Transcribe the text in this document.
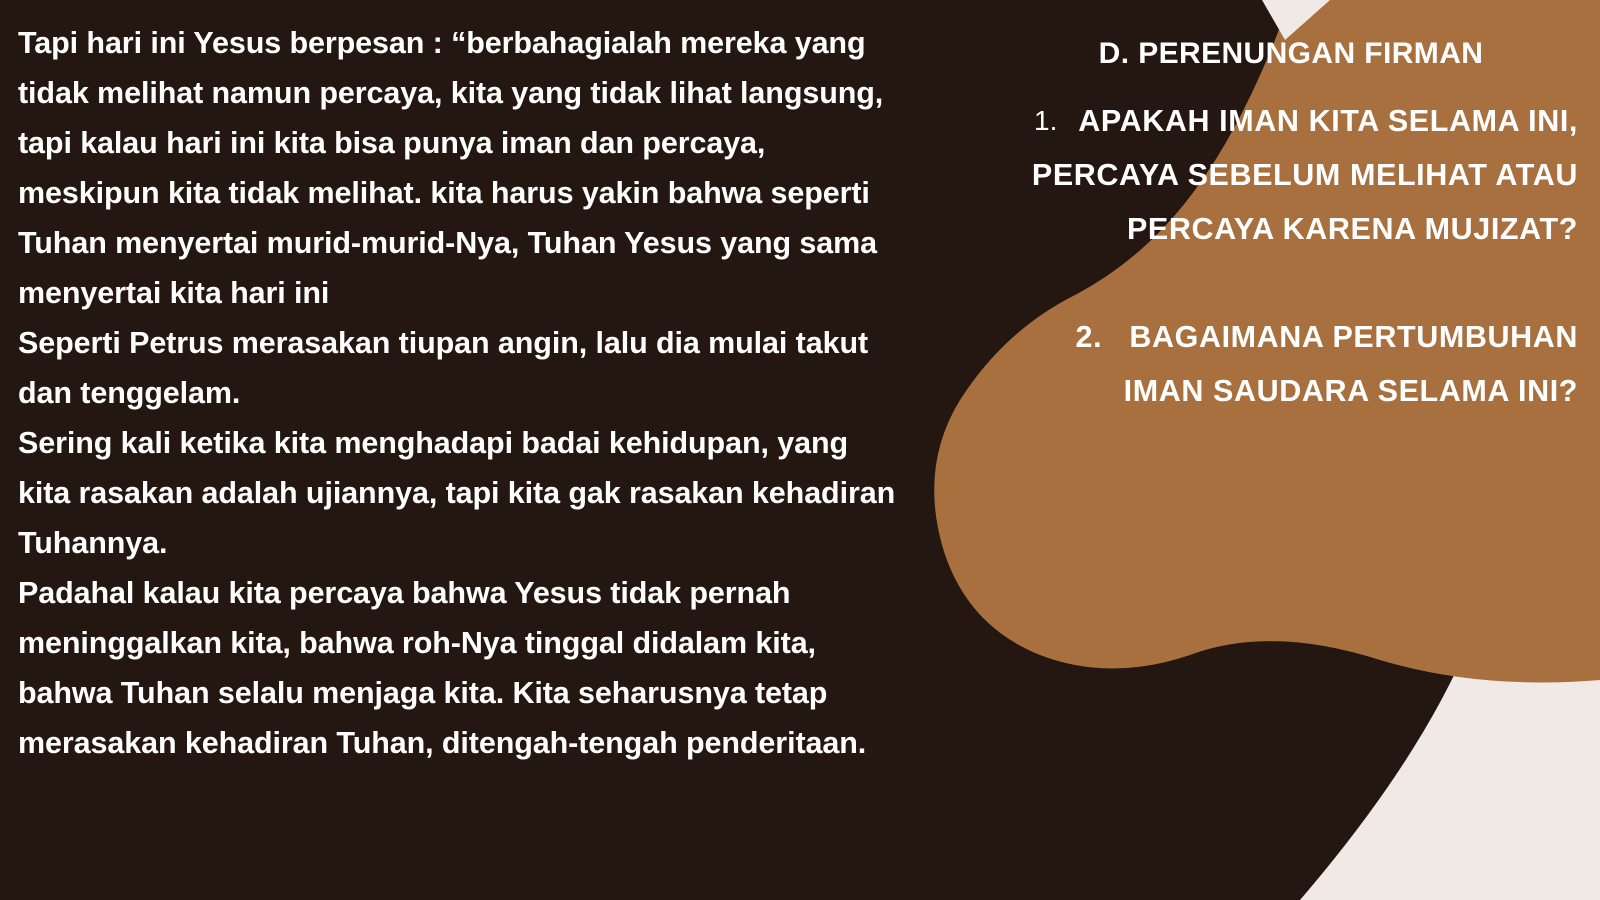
Tapi hari ini Yesus berpesan : “berbahagialah mereka yang tidak melihat namun percaya, kita yang tidak lihat langsung, tapi kalau hari ini kita bisa punya iman dan percaya, meskipun kita tidak melihat. kita harus yakin bahwa seperti Tuhan menyertai murid-murid-Nya, Tuhan Yesus yang sama menyertai kita hari ini

Seperti Petrus merasakan tiupan angin, lalu dia mulai takut dan tenggelam.

Sering kali ketika kita menghadapi badai kehidupan, yang kita rasakan adalah ujiannya, tapi kita gak rasakan kehadiran Tuhannya.

Padahal kalau kita percaya bahwa Yesus tidak pernah meninggalkan kita, bahwa roh-Nya tinggal didalam kita, bahwa Tuhan selalu menjaga kita. Kita seharusnya tetap merasakan kehadiran Tuhan, ditengah-tengah penderitaan.

D. PERENUNGAN FIRMAN
1. APAKAH IMAN KITA SELAMA INI, PERCAYA SEBELUM MELIHAT ATAU PERCAYA KARENA MUJIZAT?
2. BAGAIMANA PERTUMBUHAN IMAN SAUDARA SELAMA INI?
